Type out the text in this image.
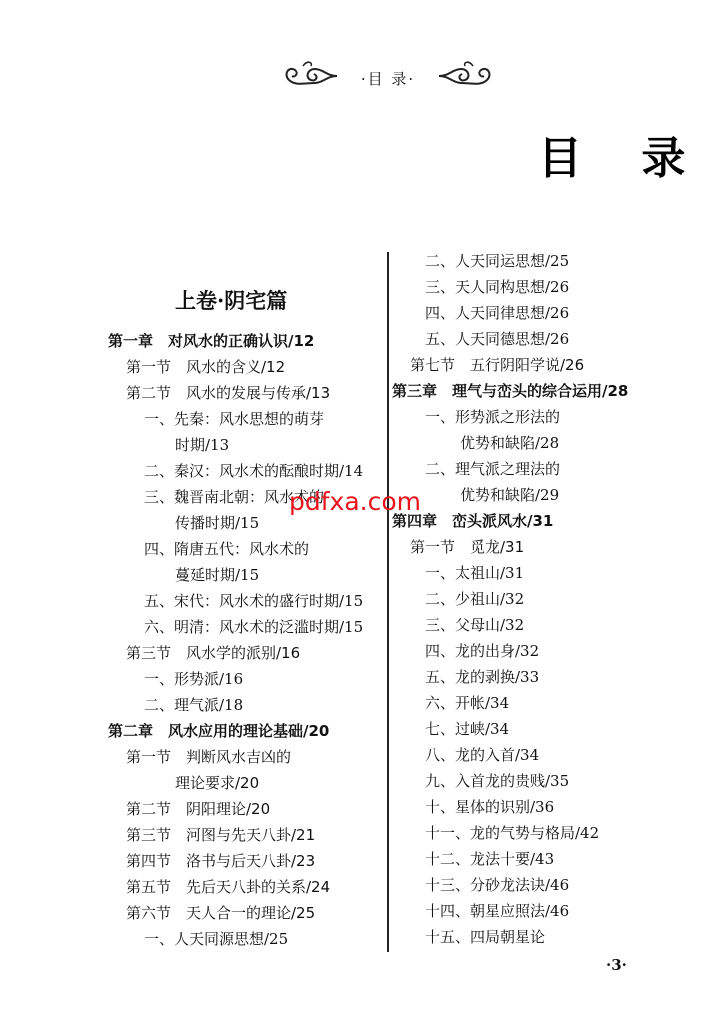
·目 录·
目 录
上卷·阴宅篇
第一章　对风水的正确认识/12
第一节　风水的含义/12
第二节　风水的发展与传承/13
一、先秦：风水思想的萌芽
时期/13
二、秦汉：风水术的酝酿时期/14
三、魏晋南北朝：风水术的
传播时期/15
四、隋唐五代：风水术的
蔓延时期/15
五、宋代：风水术的盛行时期/15
六、明清：风水术的泛滥时期/15
第三节　风水学的派别/16
一、形势派/16
二、理气派/18
第二章　风水应用的理论基础/20
第一节　判断风水吉凶的
理论要求/20
第二节　阴阳理论/20
第三节　河图与先天八卦/21
第四节　洛书与后天八卦/23
第五节　先后天八卦的关系/24
第六节　天人合一的理论/25
一、人天同源思想/25
二、人天同运思想/25
三、天人同构思想/26
四、人天同律思想/26
五、人天同德思想/26
第七节　五行阴阳学说/26
第三章　理气与峦头的综合运用/28
一、形势派之形法的
优势和缺陷/28
二、理气派之理法的
优势和缺陷/29
第四章　峦头派风水/31
第一节　觅龙/31
一、太祖山/31
二、少祖山/32
三、父母山/32
四、龙的出身/32
五、龙的剥换/33
六、开帐/34
七、过峡/34
八、龙的入首/34
九、入首龙的贵贱/35
十、星体的识别/36
十一、龙的气势与格局/42
十二、龙法十要/43
十三、分砂龙法诀/46
十四、朝星应照法/46
十五、四局朝星论
pdfxa.com
·3·
